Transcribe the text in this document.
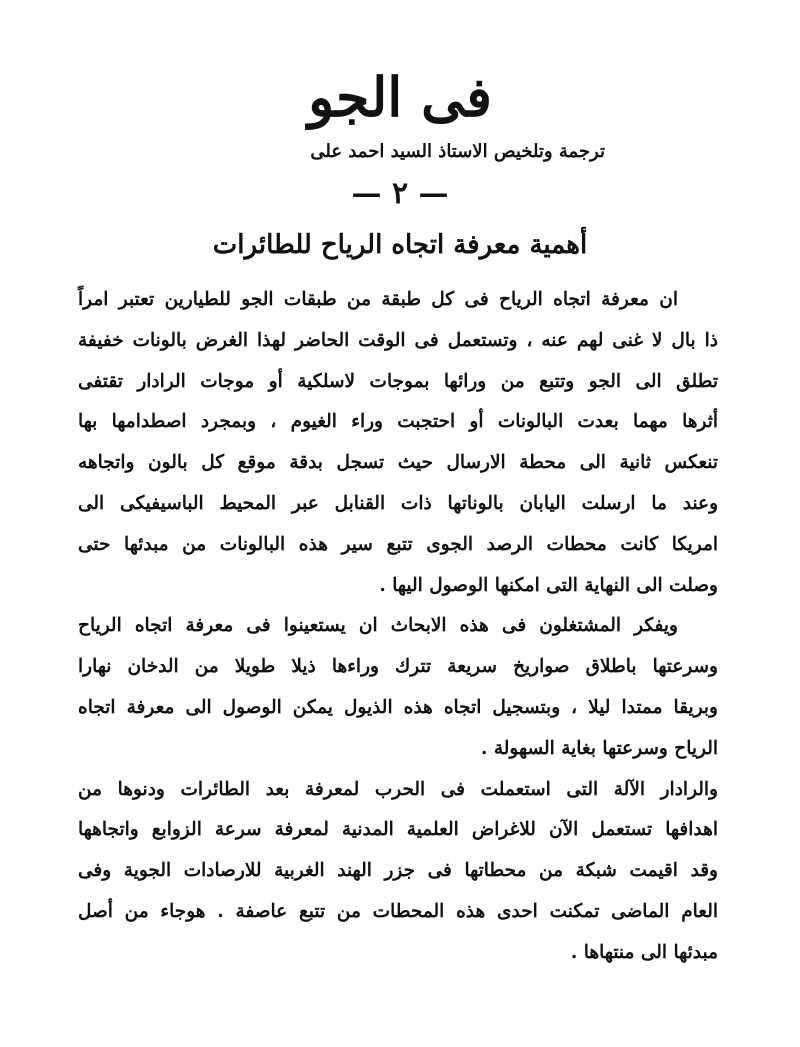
فى الجو
ترجمة وتلخيص الاستاذ السيد احمد على
— ٢ —
أهمية معرفة اتجاه الرياح للطائرات
ان معرفة اتجاه الرياح فى كل طبقة من طبقات الجو للطيارين تعتبر امراً
ذا بال لا غنى لهم عنه ، وتستعمل فى الوقت الحاضر لهذا الغرض بالونات خفيفة
تطلق الى الجو وتتبع من ورائها بموجات لاسلكية أو موجات الرادار تقتفى
أثرها مهما بعدت البالونات أو احتجبت وراء الغيوم ، وبمجرد اصطدامها بها
تنعكس ثانية الى محطة الارسال حيث تسجل بدقة موقع كل بالون واتجاهه
وعند ما ارسلت اليابان بالوناتها ذات القنابل عبر المحيط الباسيفيكى الى
امريكا كانت محطات الرصد الجوى تتبع سير هذه البالونات من مبدئها حتى
وصلت الى النهاية التى امكنها الوصول اليها .
ويفكر المشتغلون فى هذه الابحاث ان يستعينوا فى معرفة اتجاه الرياح
وسرعتها باطلاق صواريخ سريعة تترك وراءها ذيلا طويلا من الدخان نهارا
وبريقا ممتدا ليلا ، وبتسجيل اتجاه هذه الذيول يمكن الوصول الى معرفة اتجاه
الرياح وسرعتها بغاية السهولة .
والرادار الآلة التى استعملت فى الحرب لمعرفة بعد الطائرات ودنوها من
اهدافها تستعمل الآن للاغراض العلمية المدنية لمعرفة سرعة الزوابع واتجاهها
وقد اقيمت شبكة من محطاتها فى جزر الهند الغربية للارصادات الجوية وفى
العام الماضى تمكنت احدى هذه المحطات من تتبع عاصفة . هوجاء من أصل
مبدئها الى منتهاها .
